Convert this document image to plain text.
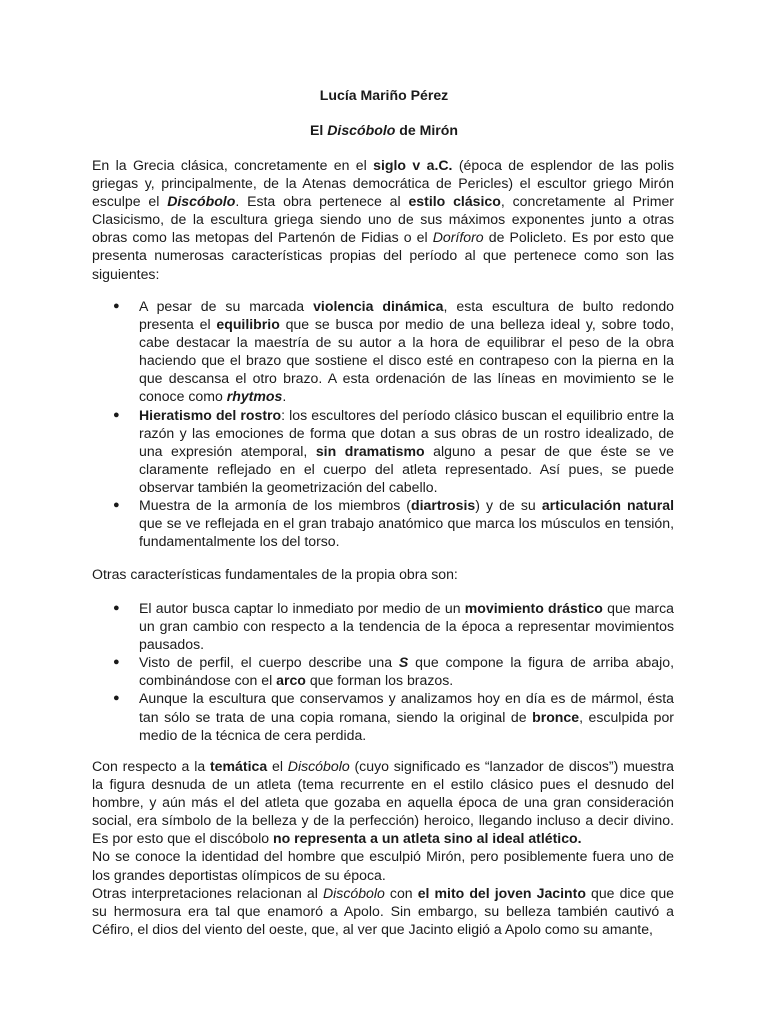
Lucía Mariño Pérez
El Discóbolo de Mirón

En la Grecia clásica, concretamente en el siglo v a.C. (época de esplendor de las polis griegas y, principalmente, de la Atenas democrática de Pericles) el escultor griego Mirón esculpe el Discóbolo. Esta obra pertenece al estilo clásico, concretamente al Primer Clasicismo, de la escultura griega siendo uno de sus máximos exponentes junto a otras obras como las metopas del Partenón de Fidias o el Doríforo de Policleto. Es por esto que presenta numerosas características propias del período al que pertenece como son las siguientes:

● A pesar de su marcada violencia dinámica, esta escultura de bulto redondo presenta el equilibrio que se busca por medio de una belleza ideal y, sobre todo, cabe destacar la maestría de su autor a la hora de equilibrar el peso de la obra haciendo que el brazo que sostiene el disco esté en contrapeso con la pierna en la que descansa el otro brazo. A esta ordenación de las líneas en movimiento se le conoce como rhytmos.
● Hieratismo del rostro: los escultores del período clásico buscan el equilibrio entre la razón y las emociones de forma que dotan a sus obras de un rostro idealizado, de una expresión atemporal, sin dramatismo alguno a pesar de que éste se ve claramente reflejado en el cuerpo del atleta representado. Así pues, se puede observar también la geometrización del cabello.
● Muestra de la armonía de los miembros (diartrosis) y de su articulación natural que se ve reflejada en el gran trabajo anatómico que marca los músculos en tensión, fundamentalmente los del torso.

Otras características fundamentales de la propia obra son:

● El autor busca captar lo inmediato por medio de un movimiento drástico que marca un gran cambio con respecto a la tendencia de la época a representar movimientos pausados.
● Visto de perfil, el cuerpo describe una S que compone la figura de arriba abajo, combinándose con el arco que forman los brazos.
● Aunque la escultura que conservamos y analizamos hoy en día es de mármol, ésta tan sólo se trata de una copia romana, siendo la original de bronce, esculpida por medio de la técnica de cera perdida.

Con respecto a la temática el Discóbolo (cuyo significado es “lanzador de discos”) muestra la figura desnuda de un atleta (tema recurrente en el estilo clásico pues el desnudo del hombre, y aún más el del atleta que gozaba en aquella época de una gran consideración social, era símbolo de la belleza y de la perfección) heroico, llegando incluso a decir divino. Es por esto que el discóbolo no representa a un atleta sino al ideal atlético.

No se conoce la identidad del hombre que esculpió Mirón, pero posiblemente fuera uno de los grandes deportistas olímpicos de su época.

Otras interpretaciones relacionan al Discóbolo con el mito del joven Jacinto que dice que su hermosura era tal que enamoró a Apolo. Sin embargo, su belleza también cautivó a Céfiro, el dios del viento del oeste, que, al ver que Jacinto eligió a Apolo como su amante,
